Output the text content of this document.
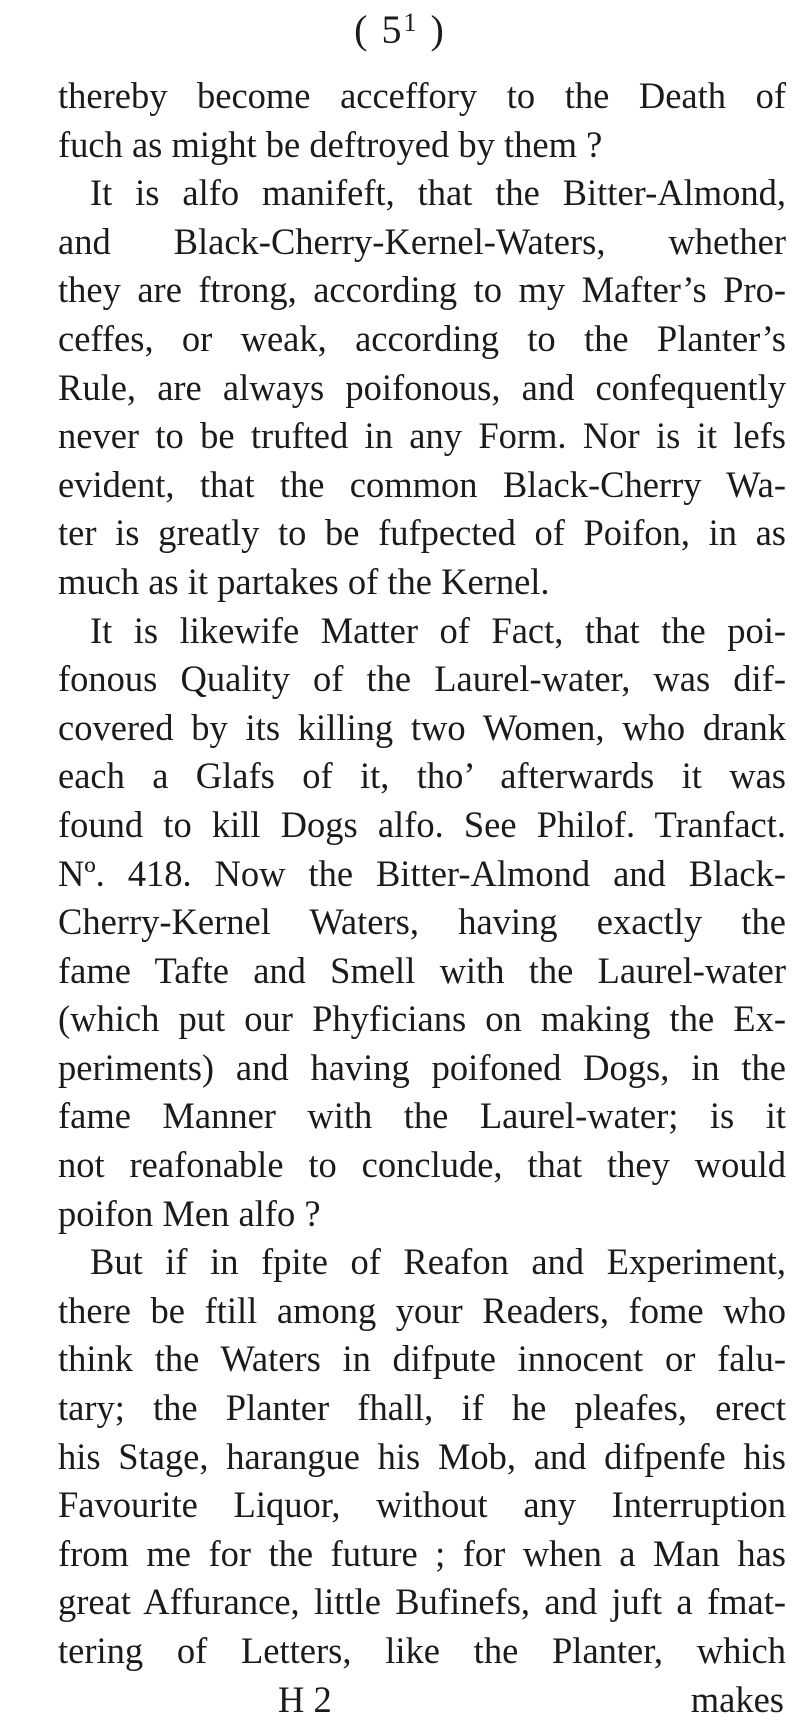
( $5^1$ )
thereby become acceffory to the Death of
fuch as might be deftroyed by them ?
It is alfo manifeft, that the Bitter-Almond,
and Black-Cherry-Kernel-Waters, whether
they are ftrong, according to my Mafter’s Pro-
ceffes, or weak, according to the Planter’s
Rule, are always poifonous, and confequently
never to be trufted in any Form. Nor is it lefs
evident, that the common Black-Cherry Wa-
ter is greatly to be fufpected of Poifon, in as
much as it partakes of the Kernel.
It is likewife Matter of Fact, that the poi-
fonous Quality of the Laurel-water, was dif-
covered by its killing two Women, who drank
each a Glafs of it, tho’ afterwards it was
found to kill Dogs alfo. See Philof. Tranfact.
Nº. 418. Now the Bitter-Almond and Black-
Cherry-Kernel Waters, having exactly the
fame Tafte and Smell with the Laurel-water
(which put our Phyficians on making the Ex-
periments) and having poifoned Dogs, in the
fame Manner with the Laurel-water; is it
not reafonable to conclude, that they would
poifon Men alfo ?
But if in fpite of Reafon and Experiment,
there be ftill among your Readers, fome who
think the Waters in difpute innocent or falu-
tary; the Planter fhall, if he pleafes, erect
his Stage, harangue his Mob, and difpenfe his
Favourite Liquor, without any Interruption
from me for the future ; for when a Man has
great Affurance, little Bufinefs, and juft a fmat-
tering of Letters, like the Planter, which
H 2	makes
